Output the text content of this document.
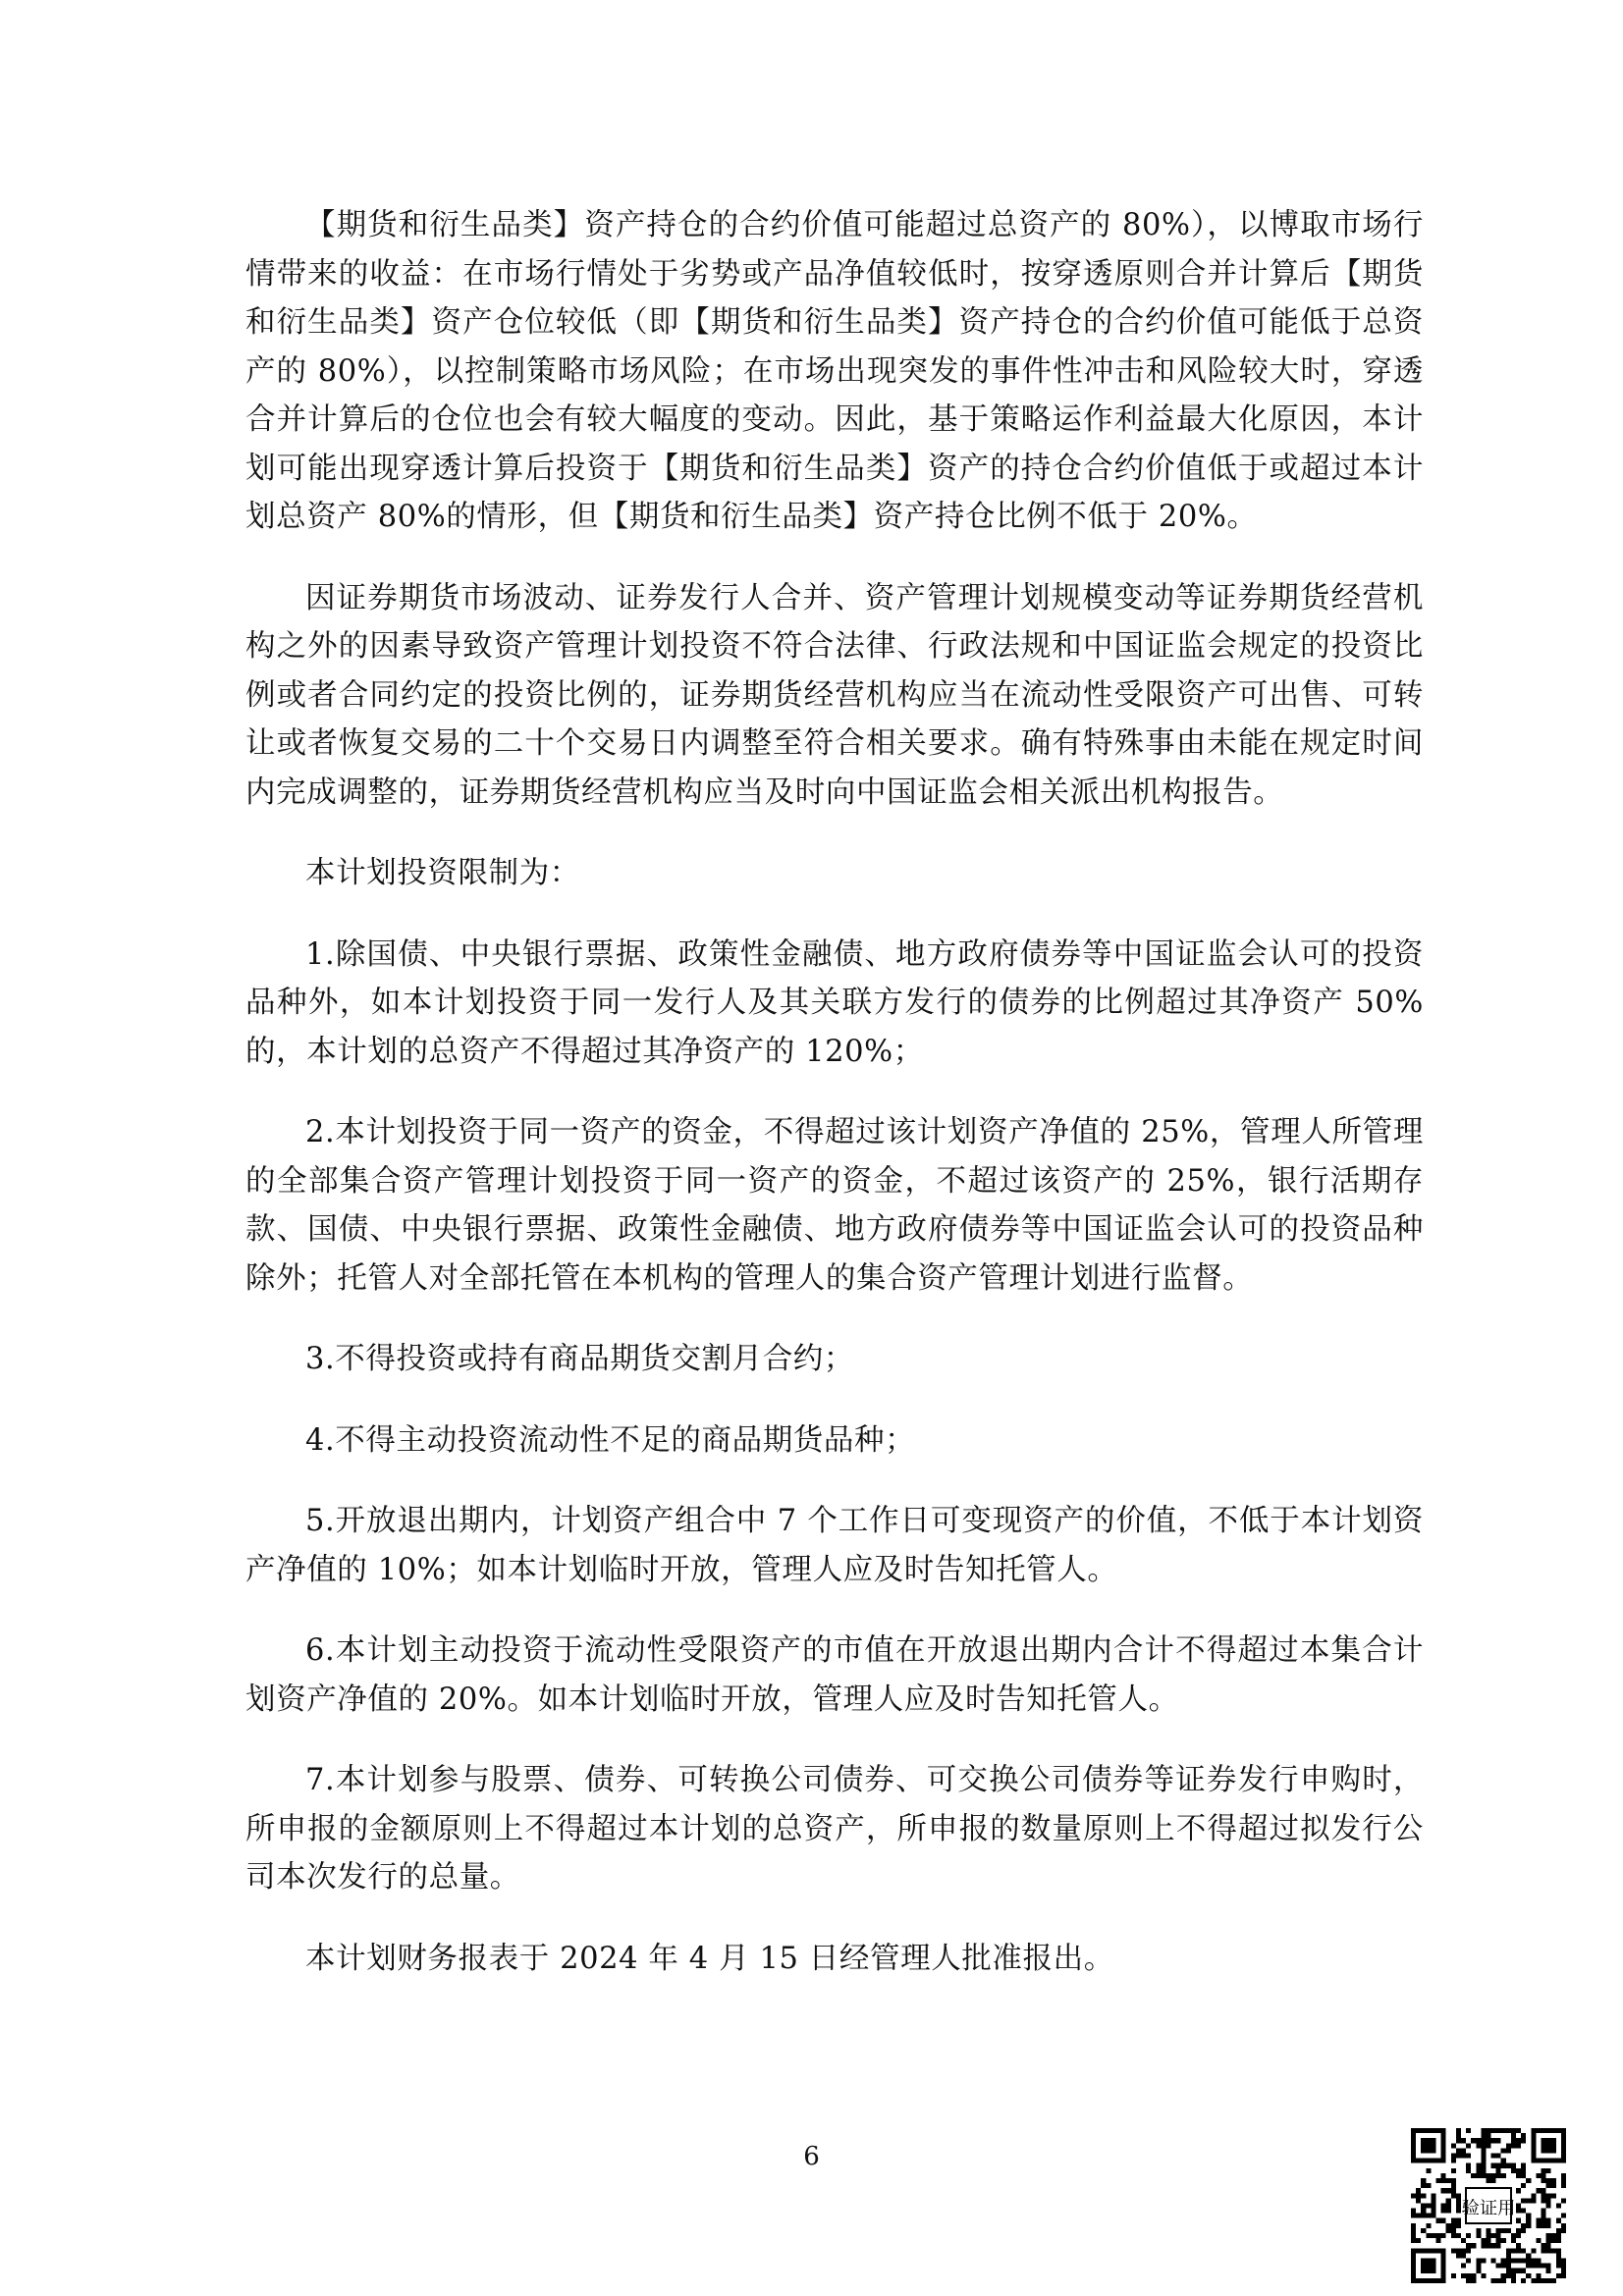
【期货和衍生品类】资产持仓的合约价值可能超过总资产的 80%），以博取市场行情带来的收益：在市场行情处于劣势或产品净值较低时，按穿透原则合并计算后【期货和衍生品类】资产仓位较低（即【期货和衍生品类】资产持仓的合约价值可能低于总资产的 80%），以控制策略市场风险；在市场出现突发的事件性冲击和风险较大时，穿透合并计算后的仓位也会有较大幅度的变动。因此，基于策略运作利益最大化原因，本计划可能出现穿透计算后投资于【期货和衍生品类】资产的持仓合约价值低于或超过本计划总资产 80%的情形，但【期货和衍生品类】资产持仓比例不低于 20%。

因证券期货市场波动、证券发行人合并、资产管理计划规模变动等证券期货经营机构之外的因素导致资产管理计划投资不符合法律、行政法规和中国证监会规定的投资比例或者合同约定的投资比例的，证券期货经营机构应当在流动性受限资产可出售、可转让或者恢复交易的二十个交易日内调整至符合相关要求。确有特殊事由未能在规定时间内完成调整的，证券期货经营机构应当及时向中国证监会相关派出机构报告。

本计划投资限制为：

1.除国债、中央银行票据、政策性金融债、地方政府债券等中国证监会认可的投资品种外，如本计划投资于同一发行人及其关联方发行的债券的比例超过其净资产 50%的，本计划的总资产不得超过其净资产的 120%；

2.本计划投资于同一资产的资金，不得超过该计划资产净值的 25%，管理人所管理的全部集合资产管理计划投资于同一资产的资金，不超过该资产的 25%，银行活期存款、国债、中央银行票据、政策性金融债、地方政府债券等中国证监会认可的投资品种除外；托管人对全部托管在本机构的管理人的集合资产管理计划进行监督。

3.不得投资或持有商品期货交割月合约；

4.不得主动投资流动性不足的商品期货品种；

5.开放退出期内，计划资产组合中 7 个工作日可变现资产的价值，不低于本计划资产净值的 10%；如本计划临时开放，管理人应及时告知托管人。

6.本计划主动投资于流动性受限资产的市值在开放退出期内合计不得超过本集合计划资产净值的 20%。如本计划临时开放，管理人应及时告知托管人。

7.本计划参与股票、债券、可转换公司债券、可交换公司债券等证券发行申购时，所申报的金额原则上不得超过本计划的总资产，所申报的数量原则上不得超过拟发行公司本次发行的总量。

本计划财务报表于 2024 年 4 月 15 日经管理人批准报出。

6
验证用
